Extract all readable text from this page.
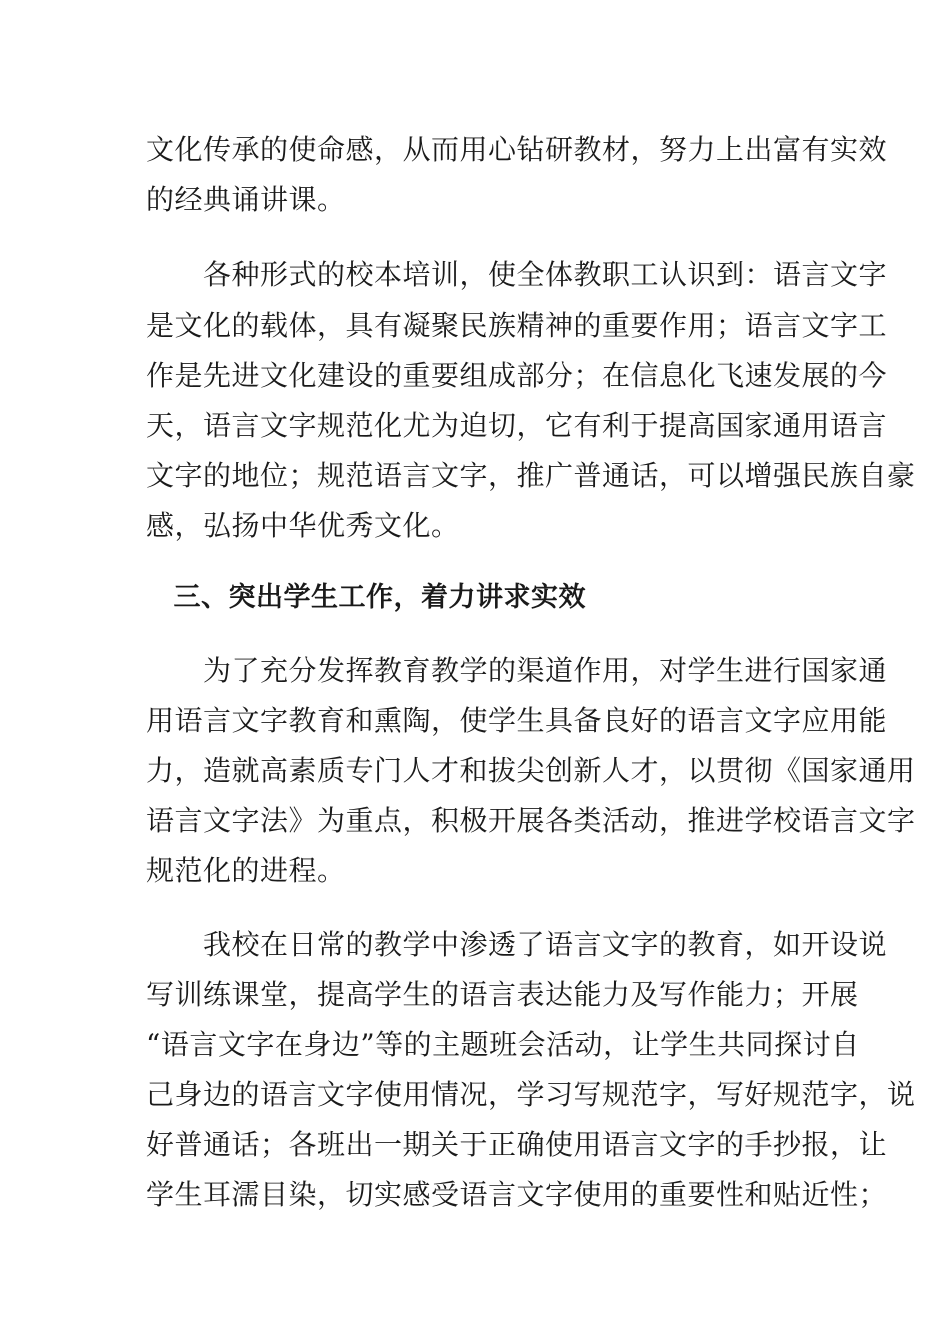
文化传承的使命感，从而用心钻研教材，努力上出富有实效
的经典诵讲课。
　　各种形式的校本培训，使全体教职工认识到：语言文字
是文化的载体，具有凝聚民族精神的重要作用；语言文字工
作是先进文化建设的重要组成部分；在信息化飞速发展的今
天，语言文字规范化尤为迫切，它有利于提高国家通用语言
文字的地位；规范语言文字，推广普通话，可以增强民族自豪
感，弘扬中华优秀文化。
　三、突出学生工作，着力讲求实效
　　为了充分发挥教育教学的渠道作用，对学生进行国家通
用语言文字教育和熏陶，使学生具备良好的语言文字应用能
力，造就高素质专门人才和拔尖创新人才，以贯彻《国家通用
语言文字法》为重点，积极开展各类活动，推进学校语言文字
规范化的进程。
　　我校在日常的教学中渗透了语言文字的教育，如开设说
写训练课堂，提高学生的语言表达能力及写作能力；开展
“语言文字在身边”等的主题班会活动，让学生共同探讨自
己身边的语言文字使用情况，学习写规范字，写好规范字，说
好普通话；各班出一期关于正确使用语言文字的手抄报，让
学生耳濡目染，切实感受语言文字使用的重要性和贴近性；
